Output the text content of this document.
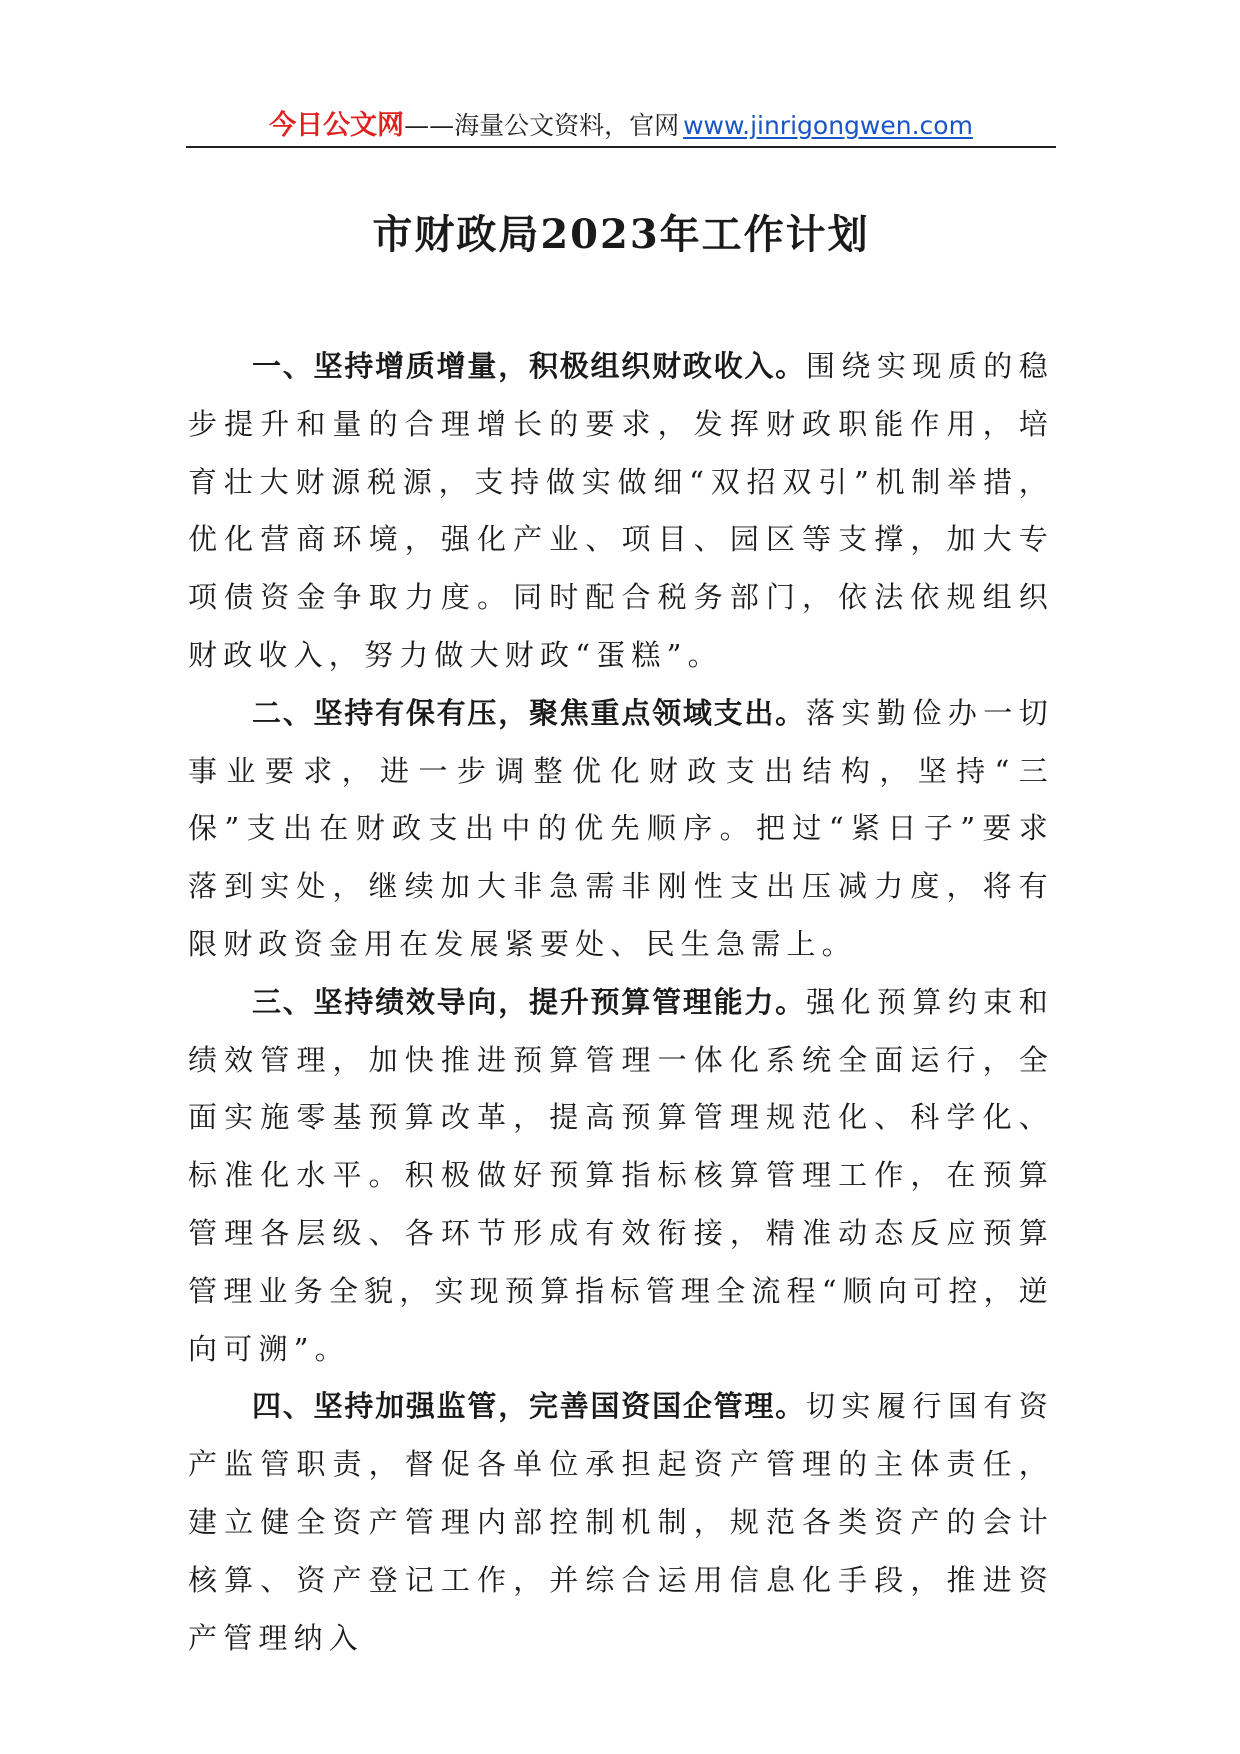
今日公文网 ——海量公文资料，官网 www.jinrigongwen.com
市财政局2023年工作计划

一、坚持增质增量，积极组织财政收入。围绕实现质的稳步提升和量的合理增长的要求，发挥财政职能作用，培育壮大财源税源，支持做实做细“双招双引”机制举措，优化营商环境，强化产业、项目、园区等支撑，加大专项债资金争取力度。同时配合税务部门，依法依规组织财政收入，努力做大财政“蛋糕”。

二、坚持有保有压，聚焦重点领域支出。落实勤俭办一切事业要求，进一步调整优化财政支出结构，坚持“三保”支出在财政支出中的优先顺序。把过“紧日子”要求落到实处，继续加大非急需非刚性支出压减力度，将有限财政资金用在发展紧要处、民生急需上。

三、坚持绩效导向，提升预算管理能力。强化预算约束和绩效管理，加快推进预算管理一体化系统全面运行，全面实施零基预算改革，提高预算管理规范化、科学化、标准化水平。积极做好预算指标核算管理工作，在预算管理各层级、各环节形成有效衔接，精准动态反应预算管理业务全貌，实现预算指标管理全流程“顺向可控，逆向可溯”。

四、坚持加强监管，完善国资国企管理。切实履行国有资产监管职责，督促各单位承担起资产管理的主体责任，建立健全资产管理内部控制机制，规范各类资产的会计核算、资产登记工作，并综合运用信息化手段，推进资产管理纳入
